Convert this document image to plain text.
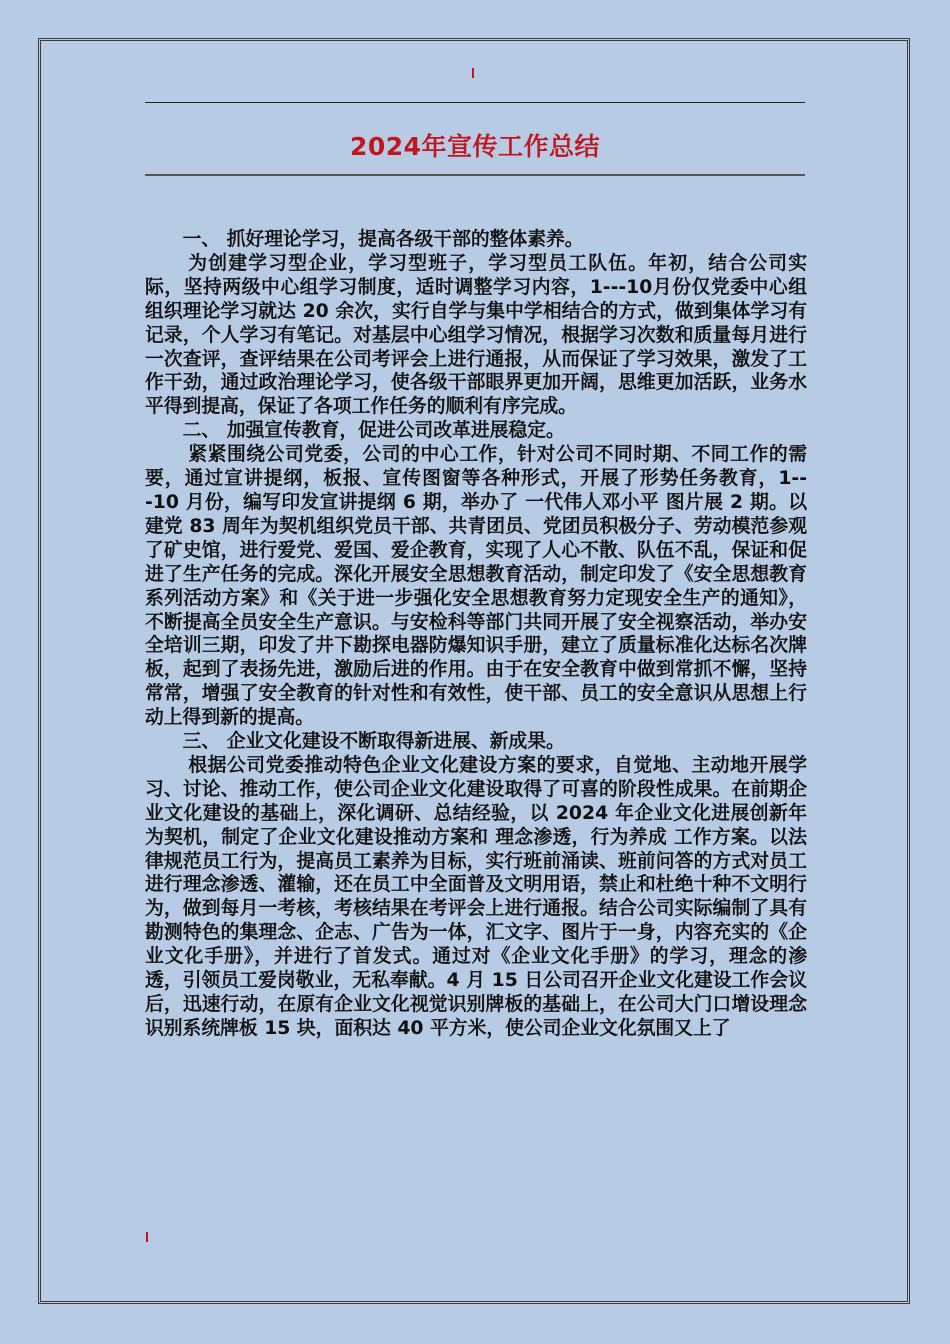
2024年宣传工作总结

一、 抓好理论学习，提高各级干部的整体素养。

为创建学习型企业，学习型班子，学习型员工队伍。年初，结合公司实际，坚持两级中心组学习制度，适时调整学习内容，1---10月份仅党委中心组组织理论学习就达 20 余次，实行自学与集中学相结合的方式，做到集体学习有记录，个人学习有笔记。对基层中心组学习情况，根据学习次数和质量每月进行一次查评，查评结果在公司考评会上进行通报，从而保证了学习效果，激发了工作干劲，通过政治理论学习，使各级干部眼界更加开阔，思维更加活跃，业务水平得到提高，保证了各项工作任务的顺利有序完成。

二、 加强宣传教育，促进公司改革进展稳定。

紧紧围绕公司党委，公司的中心工作，针对公司不同时期、不同工作的需要，通过宣讲提纲，板报、宣传图窗等各种形式，开展了形势任务教育，1---10 月份，编写印发宣讲提纲 6 期，举办了 一代伟人邓小平 图片展 2 期。以建党 83 周年为契机组织党员干部、共青团员、党团员积极分子、劳动模范参观了矿史馆，进行爱党、爱国、爱企教育，实现了人心不散、队伍不乱，保证和促进了生产任务的完成。深化开展安全思想教育活动，制定印发了《安全思想教育系列活动方案》和《关于进一步强化安全思想教育努力定现安全生产的通知》，不断提高全员安全生产意识。与安检科等部门共同开展了安全视察活动，举办安全培训三期，印发了井下勘探电器防爆知识手册，建立了质量标准化达标名次牌板，起到了表扬先进，激励后进的作用。由于在安全教育中做到常抓不懈，坚持常常，增强了安全教育的针对性和有效性，使干部、员工的安全意识从思想上行动上得到新的提高。

三、 企业文化建设不断取得新进展、新成果。

根据公司党委推动特色企业文化建设方案的要求，自觉地、主动地开展学习、讨论、推动工作，使公司企业文化建设取得了可喜的阶段性成果。在前期企业文化建设的基础上，深化调研、总结经验，以 2024 年企业文化进展创新年为契机，制定了企业文化建设推动方案和 理念渗透，行为养成 工作方案。以法律规范员工行为，提高员工素养为目标，实行班前涌读、班前问答的方式对员工进行理念渗透、灌输，还在员工中全面普及文明用语，禁止和杜绝十种不文明行为，做到每月一考核，考核结果在考评会上进行通报。结合公司实际编制了具有勘测特色的集理念、企志、广告为一体，汇文字、图片于一身，内容充实的《企业文化手册》，并进行了首发式。通过对《企业文化手册》的学习，理念的渗透，引领员工爱岗敬业，无私奉献。4 月 15 日公司召开企业文化建设工作会议后，迅速行动，在原有企业文化视觉识别牌板的基础上，在公司大门口增设理念识别系统牌板 15 块，面积达 40 平方米，使公司企业文化氛围又上了
